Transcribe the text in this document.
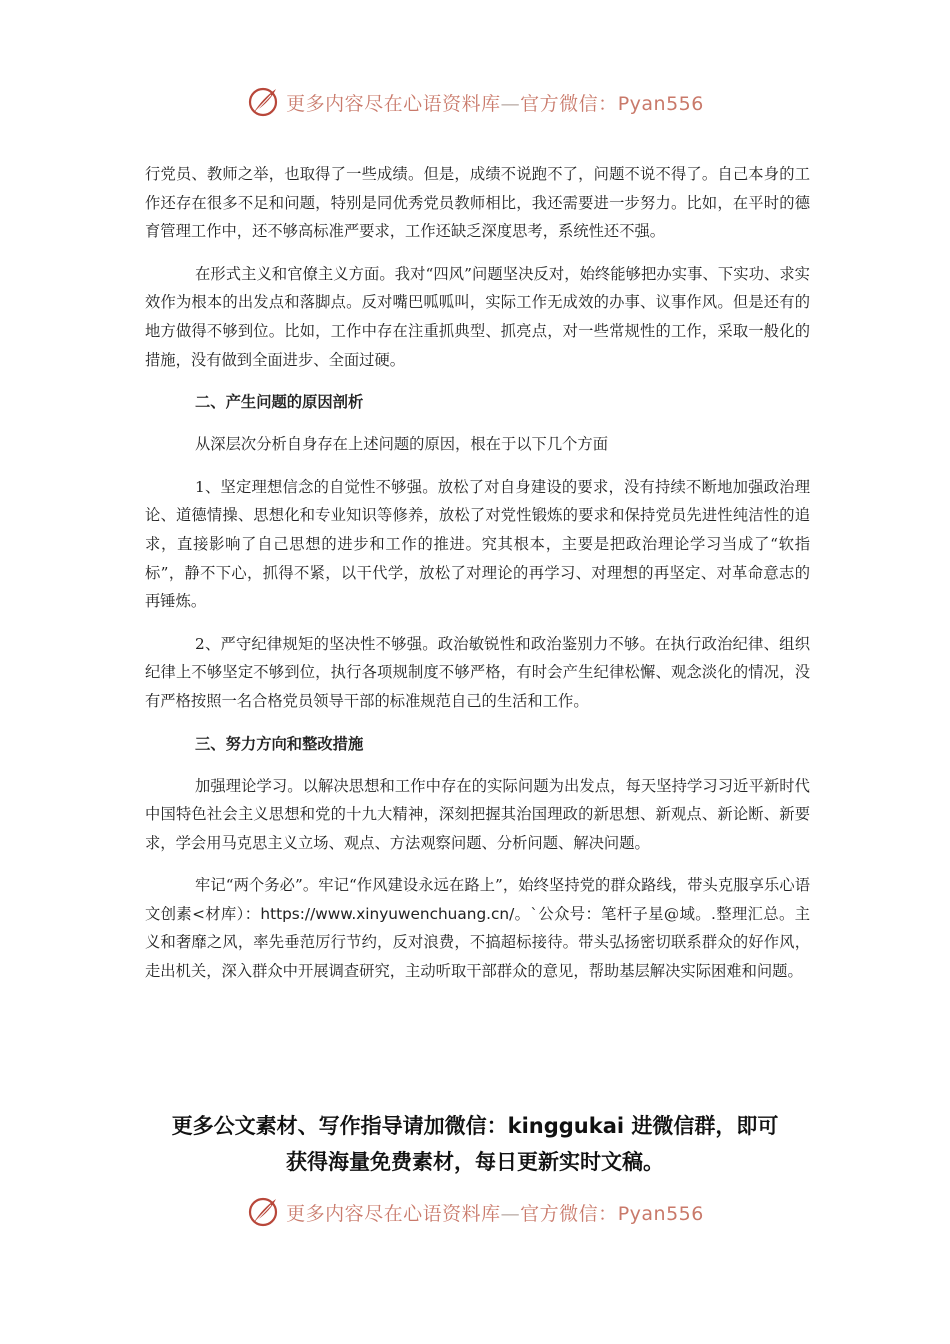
更多内容尽在心语资料库—官方微信：Pyan556

行党员、教师之举，也取得了一些成绩。但是，成绩不说跑不了，问题不说不得了。自己本身的工作还存在很多不足和问题，特别是同优秀党员教师相比，我还需要进一步努力。比如，在平时的德育管理工作中，还不够高标准严要求，工作还缺乏深度思考，系统性还不强。

在形式主义和官僚主义方面。我对“四风”问题坚决反对，始终能够把办实事、下实功、求实效作为根本的出发点和落脚点。反对嘴巴呱呱叫，实际工作无成效的办事、议事作风。但是还有的地方做得不够到位。比如，工作中存在注重抓典型、抓亮点，对一些常规性的工作，采取一般化的措施，没有做到全面进步、全面过硬。

二、产生问题的原因剖析

从深层次分析自身存在上述问题的原因，根在于以下几个方面

1、坚定理想信念的自觉性不够强。放松了对自身建设的要求，没有持续不断地加强政治理论、道德情操、思想化和专业知识等修养，放松了对党性锻炼的要求和保持党员先进性纯洁性的追求，直接影响了自己思想的进步和工作的推进。究其根本，主要是把政治理论学习当成了“软指标”，静不下心，抓得不紧，以干代学，放松了对理论的再学习、对理想的再坚定、对革命意志的再锤炼。

2、严守纪律规矩的坚决性不够强。政治敏锐性和政治鉴别力不够。在执行政治纪律、组织纪律上不够坚定不够到位，执行各项规制度不够严格，有时会产生纪律松懈、观念淡化的情况，没有严格按照一名合格党员领导干部的标准规范自己的生活和工作。

三、努力方向和整改措施

加强理论学习。以解决思想和工作中存在的实际问题为出发点，每天坚持学习习近平新时代中国特色社会主义思想和党的十九大精神，深刻把握其治国理政的新思想、新观点、新论断、新要求，学会用马克思主义立场、观点、方法观察问题、分析问题、解决问题。

牢记“两个务必”。牢记“作风建设永远在路上”，始终坚持党的群众路线，带头克服享乐心语文创素<材库）：https://www.xinyuwenchuang.cn/。`公众号：笔杆子星@域。.整理汇总。主义和奢靡之风，率先垂范厉行节约，反对浪费，不搞超标接待。带头弘扬密切联系群众的好作风，走出机关，深入群众中开展调查研究，主动听取干部群众的意见，帮助基层解决实际困难和问题。

更多公文素材、写作指导请加微信：kinggukai 进微信群，即可
获得海量免费素材，每日更新实时文稿。
更多内容尽在心语资料库—官方微信：Pyan556
